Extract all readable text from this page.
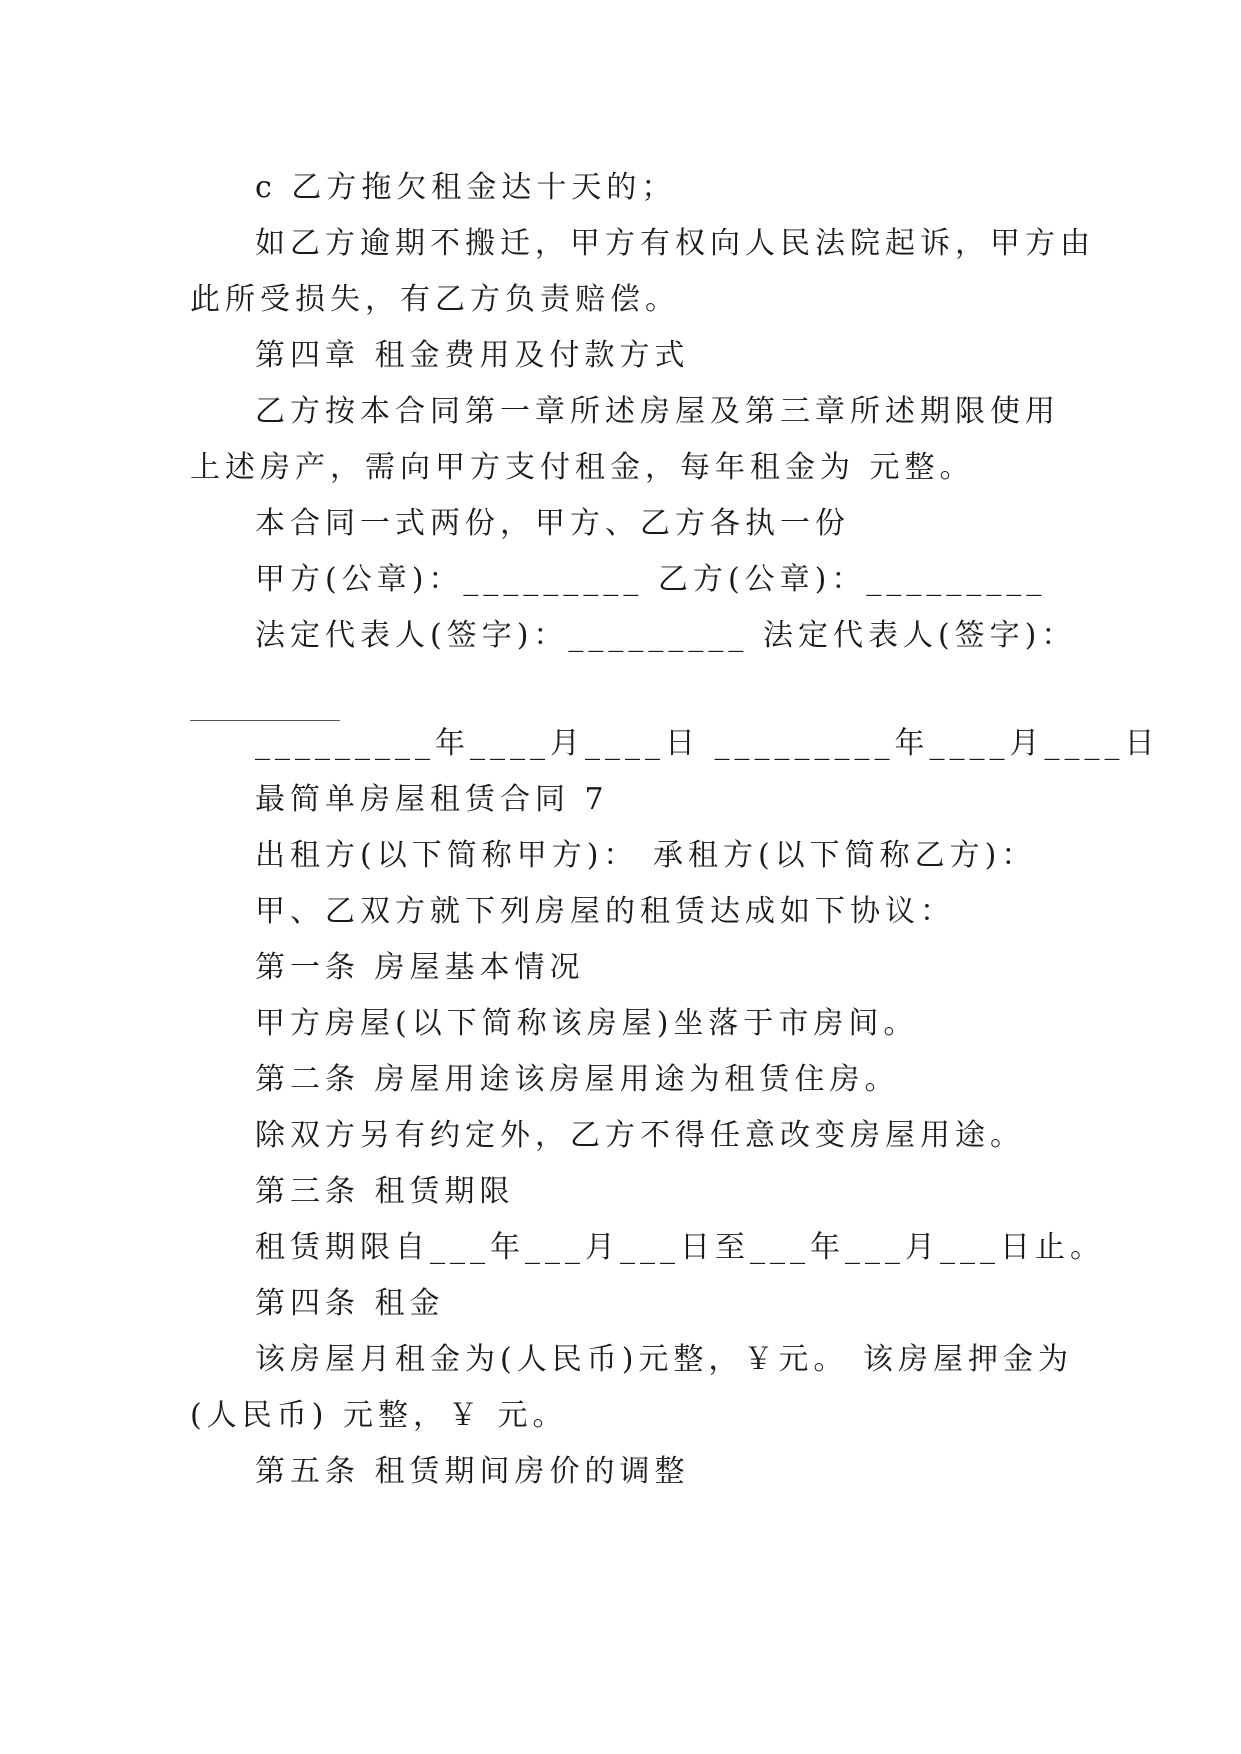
c 乙方拖欠租金达十天的；
如乙方逾期不搬迁，甲方有权向人民法院起诉，甲方由
此所受损失，有乙方负责赔偿。
第四章 租金费用及付款方式
乙方按本合同第一章所述房屋及第三章所述期限使用
上述房产，需向甲方支付租金，每年租金为 元整。
本合同一式两份，甲方、乙方各执一份
甲方(公章)：_________ 乙方(公章)：_________
法定代表人(签字)：_________ 法定代表人(签字)：
_________年____月____日 _________年____月____日
最简单房屋租赁合同 7
出租方(以下简称甲方)： 承租方(以下简称乙方)：
甲、乙双方就下列房屋的租赁达成如下协议：
第一条 房屋基本情况
甲方房屋(以下简称该房屋)坐落于市房间。
第二条 房屋用途该房屋用途为租赁住房。
除双方另有约定外，乙方不得任意改变房屋用途。
第三条 租赁期限
租赁期限自___年___月___日至___年___月___日止。
第四条 租金
该房屋月租金为(人民币)元整，￥元。 该房屋押金为
(人民币) 元整，￥ 元。
第五条 租赁期间房价的调整
